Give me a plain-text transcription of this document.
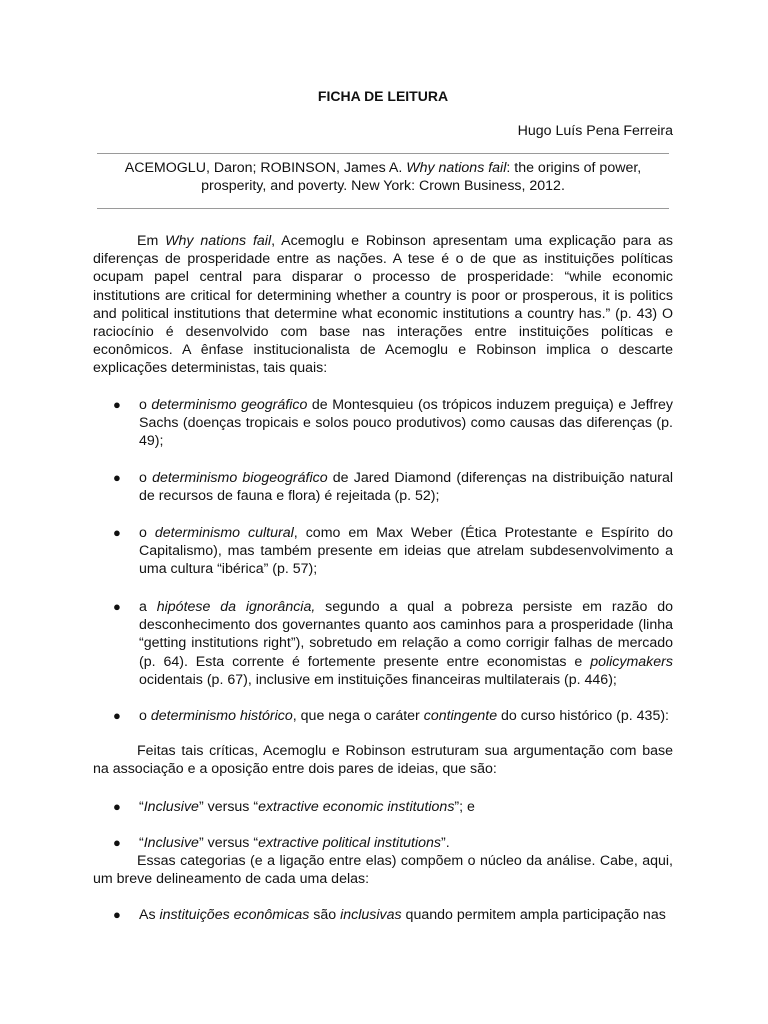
FICHA DE LEITURA
Hugo Luís Pena Ferreira
ACEMOGLU, Daron; ROBINSON, James A. Why nations fail: the origins of power,
prosperity, and poverty. New York: Crown Business, 2012.
Em Why nations fail, Acemoglu e Robinson apresentam uma explicação para as diferenças de prosperidade entre as nações. A tese é o de que as instituições políticas ocupam papel central para disparar o processo de prosperidade: “while economic institutions are critical for determining whether a country is poor or prosperous, it is politics and political institutions that determine what economic institutions a country has.” (p. 43) O raciocínio é desenvolvido com base nas interações entre instituições políticas e econômicos. A ênfase institucionalista de Acemoglu e Robinson implica o descarte explicações deterministas, tais quais:
● o determinismo geográfico de Montesquieu (os trópicos induzem preguiça) e Jeffrey Sachs (doenças tropicais e solos pouco produtivos) como causas das diferenças (p. 49);
● o determinismo biogeográfico de Jared Diamond (diferenças na distribuição natural de recursos de fauna e flora) é rejeitada (p. 52);
● o determinismo cultural, como em Max Weber (Ética Protestante e Espírito do Capitalismo), mas também presente em ideias que atrelam subdesenvolvimento a uma cultura “ibérica” (p. 57);
● a hipótese da ignorância, segundo a qual a pobreza persiste em razão do desconhecimento dos governantes quanto aos caminhos para a prosperidade (linha “getting institutions right”), sobretudo em relação a como corrigir falhas de mercado (p. 64). Esta corrente é fortemente presente entre economistas e policymakers ocidentais (p. 67), inclusive em instituições financeiras multilaterais (p. 446);
● o determinismo histórico, que nega o caráter contingente do curso histórico (p. 435):
Feitas tais críticas, Acemoglu e Robinson estruturam sua argumentação com base na associação e a oposição entre dois pares de ideias, que são:
● “Inclusive” versus “extractive economic institutions”; e
● “Inclusive” versus “extractive political institutions”.
Essas categorias (e a ligação entre elas) compõem o núcleo da análise. Cabe, aqui, um breve delineamento de cada uma delas:
● As instituições econômicas são inclusivas quando permitem ampla participação nas
